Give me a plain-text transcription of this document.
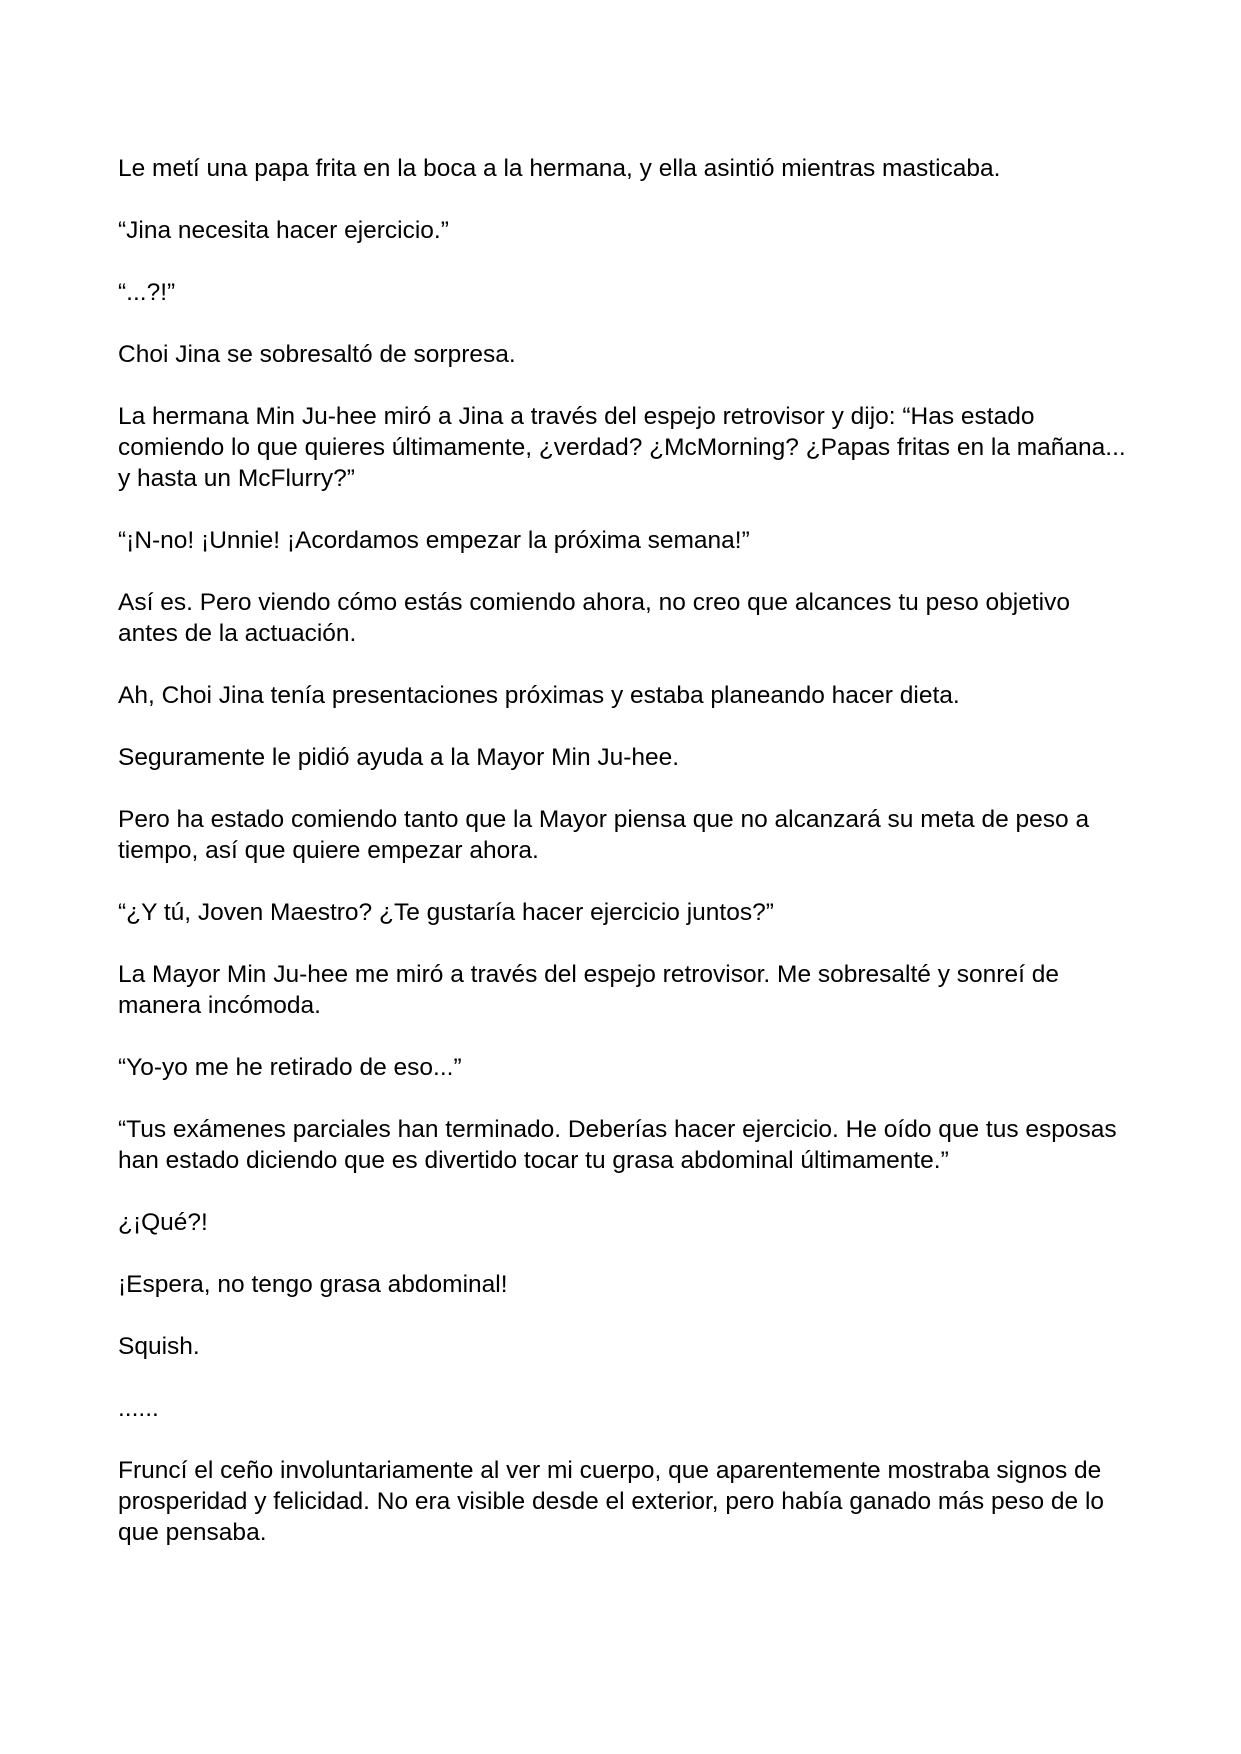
Le metí una papa frita en la boca a la hermana, y ella asintió mientras masticaba.

“Jina necesita hacer ejercicio.”

“...?!”

Choi Jina se sobresaltó de sorpresa.

La hermana Min Ju-hee miró a Jina a través del espejo retrovisor y dijo: “Has estado comiendo lo que quieres últimamente, ¿verdad? ¿McMorning? ¿Papas fritas en la mañana... y hasta un McFlurry?”

“¡N-no! ¡Unnie! ¡Acordamos empezar la próxima semana!”

Así es. Pero viendo cómo estás comiendo ahora, no creo que alcances tu peso objetivo antes de la actuación.

Ah, Choi Jina tenía presentaciones próximas y estaba planeando hacer dieta.

Seguramente le pidió ayuda a la Mayor Min Ju-hee.

Pero ha estado comiendo tanto que la Mayor piensa que no alcanzará su meta de peso a tiempo, así que quiere empezar ahora.

“¿Y tú, Joven Maestro? ¿Te gustaría hacer ejercicio juntos?”

La Mayor Min Ju-hee me miró a través del espejo retrovisor. Me sobresalté y sonreí de manera incómoda.

“Yo-yo me he retirado de eso...”

“Tus exámenes parciales han terminado. Deberías hacer ejercicio. He oído que tus esposas han estado diciendo que es divertido tocar tu grasa abdominal últimamente.”

¿¡Qué?!

¡Espera, no tengo grasa abdominal!

Squish.

......

Fruncí el ceño involuntariamente al ver mi cuerpo, que aparentemente mostraba signos de prosperidad y felicidad. No era visible desde el exterior, pero había ganado más peso de lo que pensaba.
